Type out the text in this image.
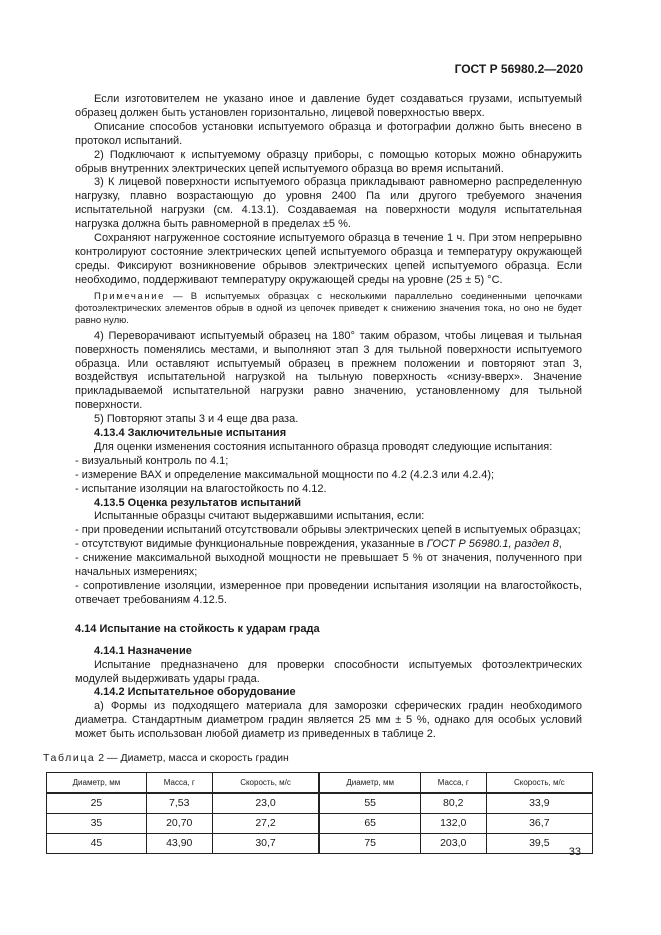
ГОСТ Р 56980.2—2020

Если изготовителем не указано иное и давление будет создаваться грузами, испытуемый образец должен быть установлен горизонтально, лицевой поверхностью вверх.

Описание способов установки испытуемого образца и фотографии должно быть внесено в протокол испытаний.

2) Подключают к испытуемому образцу приборы, с помощью которых можно обнаружить обрыв внутренних электрических цепей испытуемого образца во время испытаний.

3) К лицевой поверхности испытуемого образца прикладывают равномерно распределенную нагрузку, плавно возрастающую до уровня 2400 Па или другого требуемого значения испытательной нагрузки (см. 4.13.1). Создаваемая на поверхности модуля испытательная нагрузка должна быть равномерной в пределах ±5 %.

Сохраняют нагруженное состояние испытуемого образца в течение 1 ч. При этом непрерывно контролируют состояние электрических цепей испытуемого образца и температуру окружающей среды. Фиксируют возникновение обрывов электрических цепей испытуемого образца. Если необходимо, поддерживают температуру окружающей среды на уровне (25 ± 5) °С.

Примечание — В испытуемых образцах с несколькими параллельно соединенными цепочками фотоэлектрических элементов обрыв в одной из цепочек приведет к снижению значения тока, но оно не будет равно нулю.

4) Переворачивают испытуемый образец на 180° таким образом, чтобы лицевая и тыльная поверхность поменялись местами, и выполняют этап 3 для тыльной поверхности испытуемого образца. Или оставляют испытуемый образец в прежнем положении и повторяют этап 3, воздействуя испытательной нагрузкой на тыльную поверхность «снизу-вверх». Значение прикладываемой испытательной нагрузки равно значению, установленному для тыльной поверхности.

5) Повторяют этапы 3 и 4 еще два раза.

4.13.4 Заключительные испытания

Для оценки изменения состояния испытанного образца проводят следующие испытания:

- визуальный контроль по 4.1;

- измерение ВАХ и определение максимальной мощности по 4.2 (4.2.3 или 4.2.4);

- испытание изоляции на влагостойкость по 4.12.

4.13.5 Оценка результатов испытаний

Испытанные образцы считают выдержавшими испытания, если:

- при проведении испытаний отсутствовали обрывы электрических цепей в испытуемых образцах;

- отсутствуют видимые функциональные повреждения, указанные в ГОСТ Р 56980.1, раздел 8,

- снижение максимальной выходной мощности не превышает 5 % от значения, полученного при начальных измерениях;

- сопротивление изоляции, измеренное при проведении испытания изоляции на влагостойкость, отвечает требованиям 4.12.5.

4.14 Испытание на стойкость к ударам града

4.14.1 Назначение

Испытание предназначено для проверки способности испытуемых фотоэлектрических модулей выдерживать удары града.

4.14.2 Испытательное оборудование

а) Формы из подходящего материала для заморозки сферических градин необходимого диаметра. Стандартным диаметром градин является 25 мм ± 5 %, однако для особых условий может быть использован любой диаметр из приведенных в таблице 2.

Таблица 2 — Диаметр, масса и скорость градин

Диаметр, мм	Масса, г	Скорость, м/с	Диаметр, мм	Масса, г	Скорость, м/с
25	7,53	23,0	55	80,2	33,9
35	20,70	27,2	65	132,0	36,7
45	43,90	30,7	75	203,0	39,5
33
